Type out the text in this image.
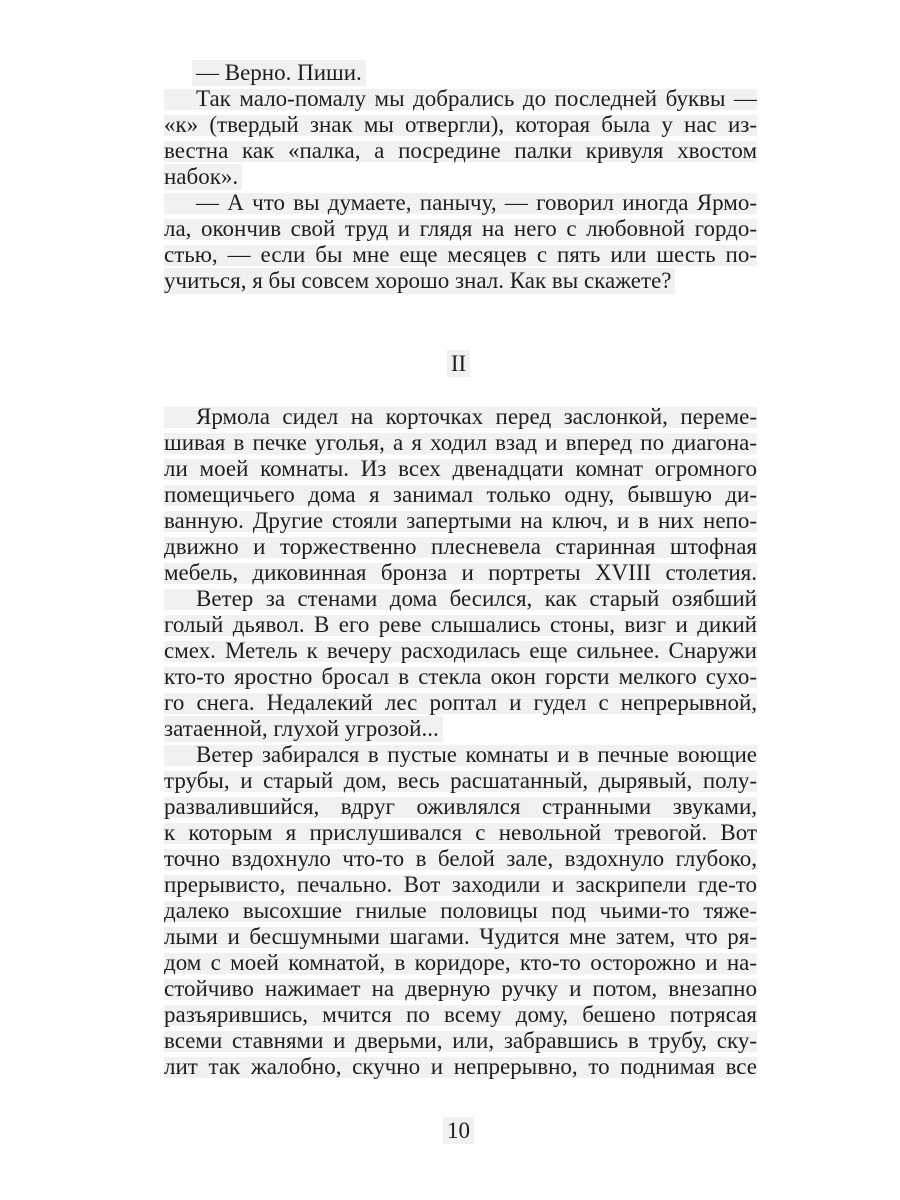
— Верно. Пиши.
Так мало-помалу мы добрались до последней буквы —
«к» (твердый знак мы отвергли), которая была у нас из-
вестна как «палка, а посредине палки кривуля хвостом
набок».
— А что вы думаете, панычу, — говорил иногда Ярмо-
ла, окончив свой труд и глядя на него с любовной гордо-
стью, — если бы мне еще месяцев с пять или шесть по-
учиться, я бы совсем хорошо знал. Как вы скажете?
II
Ярмола сидел на корточках перед заслонкой, переме-
шивая в печке уголья, а я ходил взад и вперед по диагона-
ли моей комнаты. Из всех двенадцати комнат огромного
помещичьего дома я занимал только одну, бывшую ди-
ванную. Другие стояли запертыми на ключ, и в них непо-
движно и торжественно плесневела старинная штофная
мебель, диковинная бронза и портреты XVIII столетия.
Ветер за стенами дома бесился, как старый озябший
голый дьявол. В его реве слышались стоны, визг и дикий
смех. Метель к вечеру расходилась еще сильнее. Снаружи
кто-то яростно бросал в стекла окон горсти мелкого сухо-
го снега. Недалекий лес роптал и гудел с непрерывной,
затаенной, глухой угрозой...
Ветер забирался в пустые комнаты и в печные воющие
трубы, и старый дом, весь расшатанный, дырявый, полу-
развалившийся, вдруг оживлялся странными звуками,
к которым я прислушивался с невольной тревогой. Вот
точно вздохнуло что-то в белой зале, вздохнуло глубоко,
прерывисто, печально. Вот заходили и заскрипели где-то
далеко высохшие гнилые половицы под чьими-то тяже-
лыми и бесшумными шагами. Чудится мне затем, что ря-
дом с моей комнатой, в коридоре, кто-то осторожно и на-
стойчиво нажимает на дверную ручку и потом, внезапно
разъярившись, мчится по всему дому, бешено потрясая
всеми ставнями и дверьми, или, забравшись в трубу, ску-
лит так жалобно, скучно и непрерывно, то поднимая все
10
